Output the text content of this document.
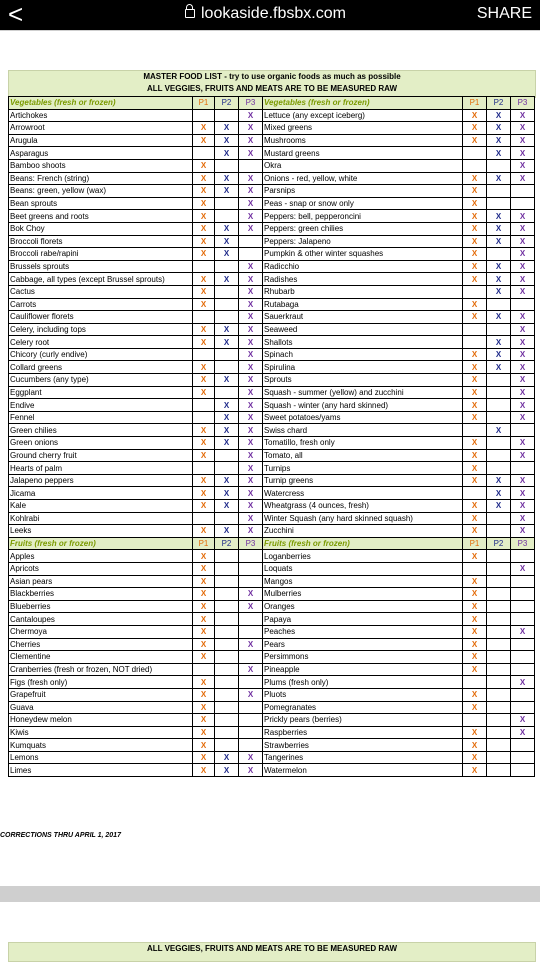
<	lookaside.fbsbx.com	SHARE
MASTER FOOD LIST - try to use organic foods as much as possible
ALL VEGGIES, FRUITS AND MEATS ARE TO BE MEASURED RAW
Vegetables (fresh or frozen)	P1	P2	P3	Vegetables (fresh or frozen)	P1	P2	P3
Artichokes			X	Lettuce (any except iceberg)	X	X	X
Arrowroot	X	X	X	Mixed greens	X	X	X
Arugula	X	X	X	Mushrooms	X	X	X
Asparagus		X	X	Mustard greens		X	X
Bamboo shoots	X			Okra			X
Beans: French (string)	X	X	X	Onions - red, yellow, white	X	X	X
Beans: green, yellow (wax)	X	X	X	Parsnips	X		
Bean sprouts	X		X	Peas - snap or snow only	X		
Beet greens and roots	X		X	Peppers: bell, pepperoncini	X	X	X
Bok Choy	X	X	X	Peppers: green chilies	X	X	X
Broccoli florets	X	X		Peppers: Jalapeno	X	X	X
Broccoli rabe/rapini	X	X		Pumpkin & other winter squashes	X		X
Brussels sprouts			X	Radicchio	X	X	X
Cabbage, all types (except Brussel sprouts)	X	X	X	Radishes	X	X	X
Cactus	X		X	Rhubarb		X	X
Carrots	X		X	Rutabaga	X		
Cauliflower florets			X	Sauerkraut	X	X	X
Celery, including tops	X	X	X	Seaweed			X
Celery root	X	X	X	Shallots		X	X
Chicory (curly endive)			X	Spinach	X	X	X
Collard greens	X		X	Spirulina	X	X	X
Cucumbers (any type)	X	X	X	Sprouts	X		X
Eggplant	X		X	Squash - summer (yellow) and zucchini	X		X
Endive		X	X	Squash - winter (any hard skinned)	X		X
Fennel		X	X	Sweet potatoes/yams	X		X
Green chilies	X	X	X	Swiss chard		X	
Green onions	X	X	X	Tomatillo, fresh only	X		X
Ground cherry fruit	X		X	Tomato, all	X		X
Hearts of palm			X	Turnips	X		
Jalapeno peppers	X	X	X	Turnip greens	X	X	X
Jicama	X	X	X	Watercress		X	X
Kale	X	X	X	Wheatgrass (4 ounces, fresh)	X	X	X
Kohlrabi			X	Winter Squash (any hard skinned squash)	X		X
Leeks	X	X	X	Zucchini	X		X
Fruits (fresh or frozen)	P1	P2	P3	Fruits (fresh or frozen)	P1	P2	P3
Apples	X			Loganberries	X		
Apricots	X			Loquats			X
Asian pears	X			Mangos	X		
Blackberries	X		X	Mulberries	X		
Blueberries	X		X	Oranges	X		
Cantaloupes	X			Papaya	X		
Chermoya	X			Peaches	X		X
Cherries	X		X	Pears	X		
Clementine	X			Persimmons	X		
Cranberries (fresh or frozen, NOT dried)			X	Pineapple	X		
Figs (fresh only)	X			Plums (fresh only)			X
Grapefruit	X		X	Pluots	X		
Guava	X			Pomegranates	X		
Honeydew melon	X			Prickly pears (berries)			X
Kiwis	X			Raspberries	X		X
Kumquats	X			Strawberries	X		
Lemons	X	X	X	Tangerines	X		
Limes	X	X	X	Watermelon	X		
CORRECTIONS THRU APRIL 1, 2017
ALL VEGGIES, FRUITS AND MEATS ARE TO BE MEASURED RAW
